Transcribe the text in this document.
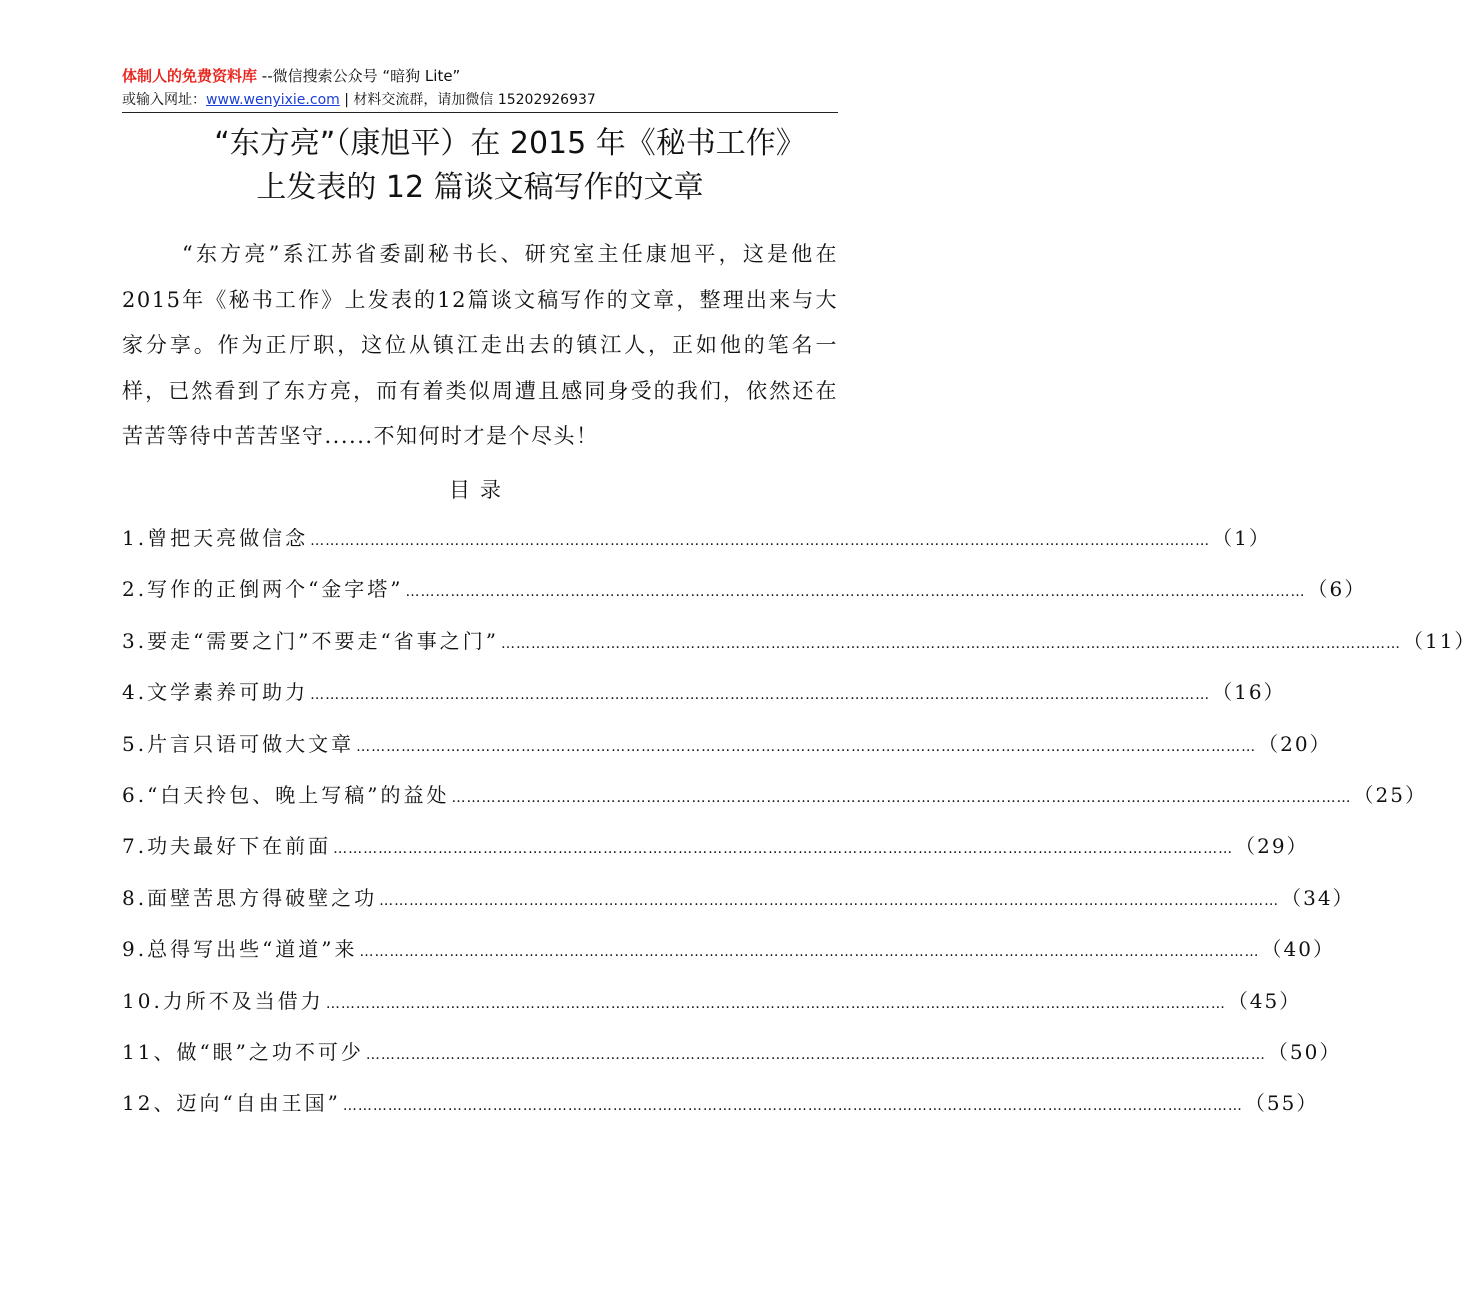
体制人的免费资料库 --微信搜索公众号 “暗狗 Lite”
或输入网址：www.wenyixie.com | 材料交流群，请加微信 15202926937
“东方亮”（康旭平）在 2015 年《秘书工作》
上发表的 12 篇谈文稿写作的文章
“东方亮”系江苏省委副秘书长、研究室主任康旭平，这是他在2015年《秘书工作》上发表的12篇谈文稿写作的文章，整理出来与大家分享。作为正厅职，这位从镇江走出去的镇江人，正如他的笔名一样，已然看到了东方亮，而有着类似周遭且感同身受的我们，依然还在苦苦等待中苦苦坚守......不知何时才是个尽头！
目录
1.曾把天亮做信念 ……………………………………………………………………………………………………………………………………………………………… （1）
2.写作的正倒两个“金字塔” ……………………………………………………………………………………………………………………………………………………………… （6）
3.要走“需要之门”不要走“省事之门” ……………………………………………………………………………………………………………………………………………………………… （11）
4.文学素养可助力 ……………………………………………………………………………………………………………………………………………………………… （16）
5.片言只语可做大文章 ……………………………………………………………………………………………………………………………………………………………… （20）
6.“白天拎包、晚上写稿”的益处 ……………………………………………………………………………………………………………………………………………………………… （25）
7.功夫最好下在前面 ……………………………………………………………………………………………………………………………………………………………… （29）
8.面壁苦思方得破壁之功 ……………………………………………………………………………………………………………………………………………………………… （34）
9.总得写出些“道道”来 ……………………………………………………………………………………………………………………………………………………………… （40）
10.力所不及当借力 ……………………………………………………………………………………………………………………………………………………………… （45）
11、做“眼”之功不可少 ……………………………………………………………………………………………………………………………………………………………… （50）
12、迈向“自由王国” ……………………………………………………………………………………………………………………………………………………………… （55）
